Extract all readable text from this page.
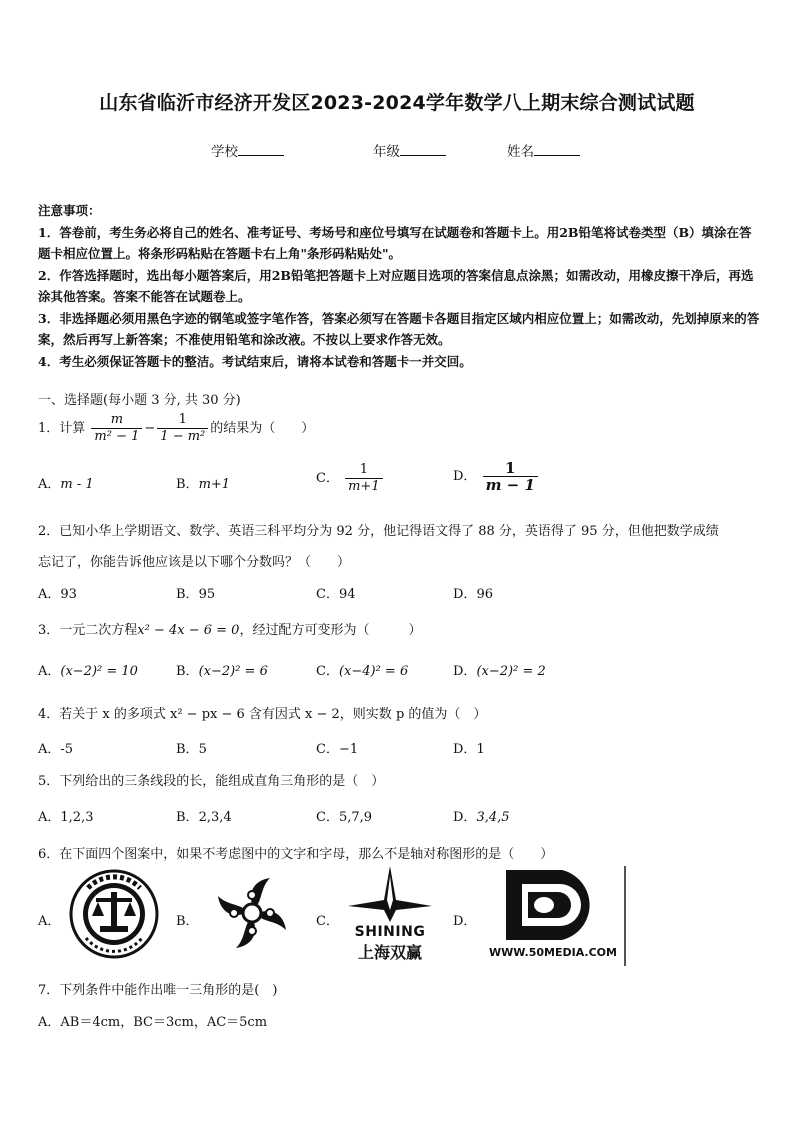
山东省临沂市经济开发区2023-2024学年数学八上期末综合测试试题
学校	年级	姓名
注意事项：
1．答卷前，考生务必将自己的姓名、准考证号、考场号和座位号填写在试题卷和答题卡上。用2B铅笔将试卷类型（B）填涂在答题卡相应位置上。将条形码粘贴在答题卡右上角"条形码粘贴处"。
2．作答选择题时，选出每小题答案后，用2B铅笔把答题卡上对应题目选项的答案信息点涂黑；如需改动，用橡皮擦干净后，再选涂其他答案。答案不能答在试题卷上。
3．非选择题必须用黑色字迹的钢笔或签字笔作答，答案必须写在答题卡各题目指定区域内相应位置上；如需改动，先划掉原来的答案，然后再写上新答案；不准使用铅笔和涂改液。不按以上要求作答无效。
4．考生必须保证答题卡的整洁。考试结束后，请将本试卷和答题卡一并交回。
一、选择题(每小题 3 分, 共 30 分)
1．计算 $\frac{m}{\text{m² − 1}} - \frac{1}{\text{1 − m²}}$ 的结果为（　　）
A．m - 1	B．m+1	C． $\frac{1}{m+1}$	D． $\frac{1}{m - 1}$
2．已知小华上学期语文、数学、英语三科平均分为 92 分，他记得语文得了 88 分，英语得了 95 分，但他把数学成绩
忘记了，你能告诉他应该是以下哪个分数吗？（　　）
A．93	B．95	C．94	D．96
3．一元二次方程x² − 4x − 6 = 0，经过配方可变形为（　　　）
A．(x−2)² = 10	B．(x−2)² = 6	C．(x−4)² = 6	D．(x−2)² = 2
4．若关于 x 的多项式 x² − px − 6 含有因式 x − 2，则实数 p 的值为（　）
A．-5	B．5	C．−1	D．1
5．下列给出的三条线段的长，能组成直角三角形的是（　）
A．1,2,3	B．2,3,4	C．5,7,9	D．3,4,5
6．在下面四个图案中，如果不考虑图中的文字和字母，那么不是轴对称图形的是（　　）
A．	B．	C．
SHINING
上海双赢
D．
WWW.50MEDIA.COM
7．下列条件中能作出唯一三角形的是(　)
A．AB＝4cm，BC＝3cm，AC＝5cm
